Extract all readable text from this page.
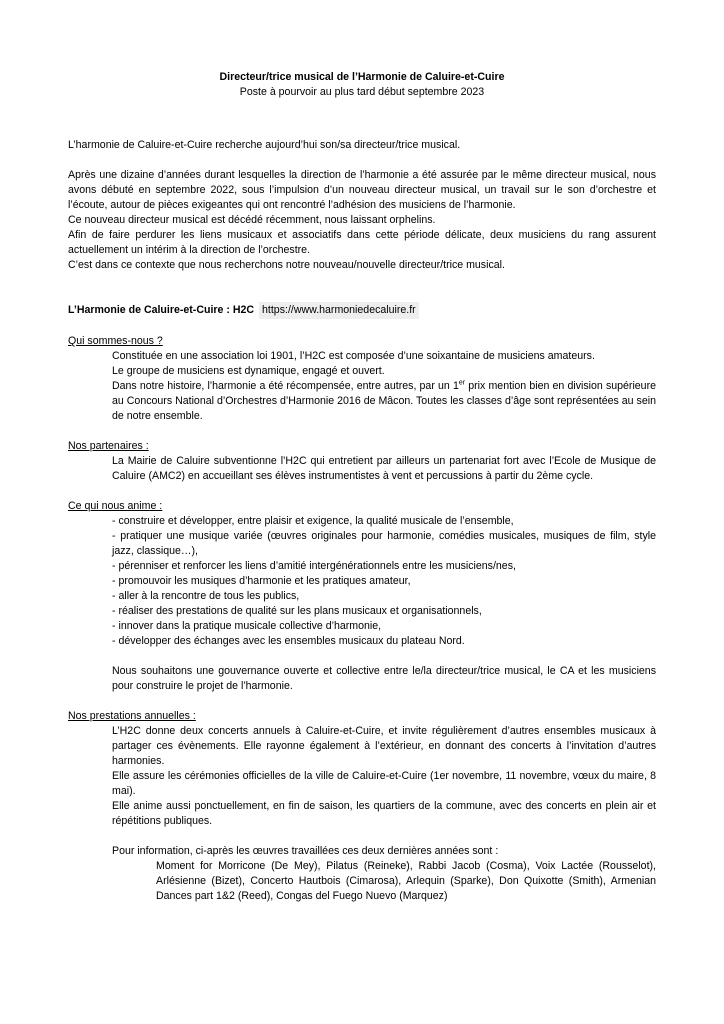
Directeur/trice musical de l’Harmonie de Caluire-et-Cuire

Poste à pourvoir au plus tard début septembre 2023

L’harmonie de Caluire-et-Cuire recherche aujourd’hui son/sa directeur/trice musical.

Après une dizaine d’années durant lesquelles la direction de l’harmonie a été assurée par le même directeur musical, nous avons débuté en septembre 2022, sous l’impulsion d’un nouveau directeur musical, un travail sur le son d’orchestre et l’écoute, autour de pièces exigeantes qui ont rencontré l’adhésion des musiciens de l’harmonie.

Ce nouveau directeur musical est décédé récemment, nous laissant orphelins.

Afin de faire perdurer les liens musicaux et associatifs dans cette période délicate, deux musiciens du rang assurent actuellement un intérim à la direction de l’orchestre.

C’est dans ce contexte que nous recherchons notre nouveau/nouvelle directeur/trice musical.

L’Harmonie de Caluire-et-Cuire : H2C https://www.harmoniedecaluire.fr

Qui sommes-nous ?

Constituée en une association loi 1901, l’H2C est composée d’une soixantaine de musiciens amateurs.

Le groupe de musiciens est dynamique, engagé et ouvert.

Dans notre histoire, l’harmonie a été récompensée, entre autres, par un 1er prix mention bien en division supérieure au Concours National d’Orchestres d’Harmonie 2016 de Mâcon. Toutes les classes d’âge sont représentées au sein de notre ensemble.

Nos partenaires :

La Mairie de Caluire subventionne l’H2C qui entretient par ailleurs un partenariat fort avec l’Ecole de Musique de Caluire (AMC2) en accueillant ses élèves instrumentistes à vent et percussions à partir du 2ème cycle.

Ce qui nous anime :

- construire et développer, entre plaisir et exigence, la qualité musicale de l’ensemble,

- pratiquer une musique variée (œuvres originales pour harmonie, comédies musicales, musiques de film, style jazz, classique…),

- pérenniser et renforcer les liens d’amitié intergénérationnels entre les musiciens/nes,

- promouvoir les musiques d’harmonie et les pratiques amateur,

- aller à la rencontre de tous les publics,

- réaliser des prestations de qualité sur les plans musicaux et organisationnels,

- innover dans la pratique musicale collective d’harmonie,

- développer des échanges avec les ensembles musicaux du plateau Nord.

Nous souhaitons une gouvernance ouverte et collective entre le/la directeur/trice musical, le CA et les musiciens pour construire le projet de l’harmonie.

Nos prestations annuelles :

L’H2C donne deux concerts annuels à Caluire-et-Cuire, et invite régulièrement d’autres ensembles musicaux à partager ces évènements. Elle rayonne également à l’extérieur, en donnant des concerts à l’invitation d’autres harmonies.

Elle assure les cérémonies officielles de la ville de Caluire-et-Cuire (1er novembre, 11 novembre, vœux du maire, 8 mai).

Elle anime aussi ponctuellement, en fin de saison, les quartiers de la commune, avec des concerts en plein air et répétitions publiques.

Pour information, ci-après les œuvres travaillées ces deux dernières années sont :

Moment for Morricone (De Mey), Pilatus (Reineke), Rabbi Jacob (Cosma), Voix Lactée (Rousselot), Arlésienne (Bizet), Concerto Hautbois (Cimarosa), Arlequin (Sparke), Don Quixotte (Smith), Armenian Dances part 1&2 (Reed), Congas del Fuego Nuevo (Marquez)
